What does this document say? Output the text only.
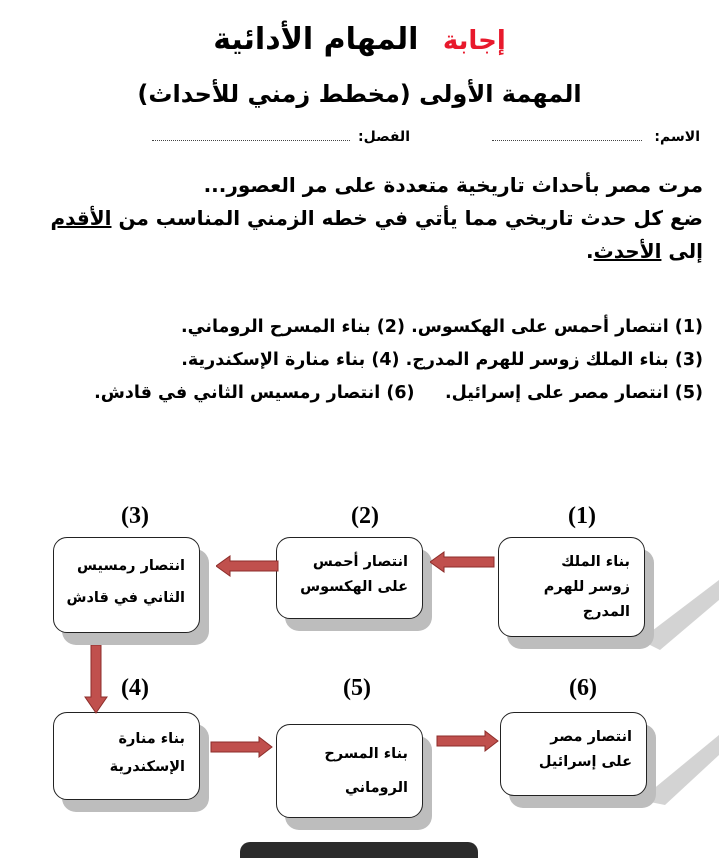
إجابة المهام الأدائية
المهمة الأولى (مخطط زمني للأحداث)
الاسم:
الفصل:
مرت مصر بأحداث تاريخية متعددة على مر العصور...
ضع كل حدث تاريخي مما يأتي في خطه الزمني المناسب من الأقدم
إلى الأحدث.
(1) انتصار أحمس على الهكسوس. (2) بناء المسرح الروماني.
(3) بناء الملك زوسر للهرم المدرج. (4) بناء منارة الإسكندرية.
(5) انتصار مصر على إسرائيل.     (6) انتصار رمسيس الثاني في قادش.
(1)
(2)
(3)
(4)	(5)	(6)
بناء الملك
زوسر للهرم
المدرج
انتصار أحمس
على الهكسوس
انتصار رمسيس
الثاني في قادش
بناء منارة
الإسكندرية
بناء المسرح
الروماني
انتصار مصر
على إسرائيل
